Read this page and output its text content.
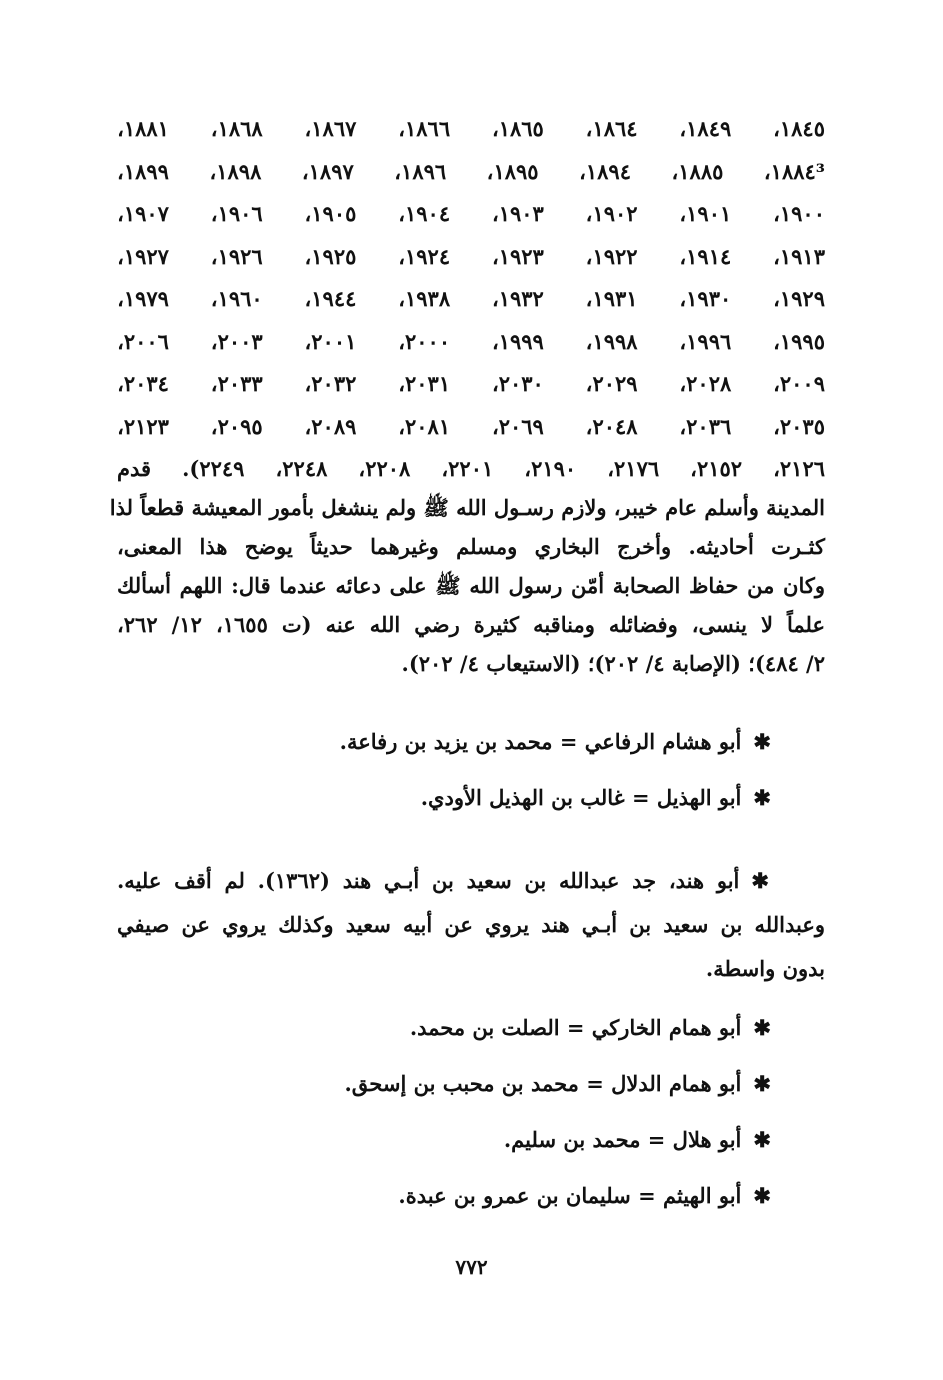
١٨٤٥،
١٨٤٩،
١٨٦٤،
١٨٦٥،
١٨٦٦،
١٨٦٧،
١٨٦٨،
١٨٨١،
١٨٨٤³،
١٨٨٥،
١٨٩٤،
١٨٩٥،
١٨٩٦،
١٨٩٧،
١٨٩٨،
١٨٩٩،
١٩٠٠،
١٩٠١،
١٩٠٢،
١٩٠٣،
١٩٠٤،
١٩٠٥،
١٩٠٦،
١٩٠٧،
١٩١٣،
١٩١٤،
١٩٢٢،
١٩٢٣،
١٩٢٤،
١٩٢٥،
١٩٢٦،
١٩٢٧،
١٩٢٩،
١٩٣٠،
١٩٣١،
١٩٣٢،
١٩٣٨،
١٩٤٤،
١٩٦٠،
١٩٧٩،
١٩٩٥،
١٩٩٦،
١٩٩٨،
١٩٩٩،
٢٠٠٠،
٢٠٠١،
٢٠٠٣،
٢٠٠٦،
٢٠٠٩،
٢٠٢٨،
٢٠٢٩،
٢٠٣٠،
٢٠٣١،
٢٠٣٢،
٢٠٣٣،
٢٠٣٤،
٢٠٣٥،
٢٠٣٦،
٢٠٤٨،
٢٠٦٩،
٢٠٨١،
٢٠٨٩،
٢٠٩٥،
٢١٢٣،
٢١٢٦، ٢١٥٢، ٢١٧٦، ٢١٩٠، ٢٢٠١، ٢٢٠٨، ٢٢٤٨، ٢٢٤٩). قدم
المدينة وأسلم عام خيبر، ولازم رسـول الله ﷺ ولم ينشغل بأمور المعيشة قطعاً لذا
كثـرت أحاديثه. وأخرج البخاري ومسلم وغيرهما حديثاً يوضح هذا المعنى،
وكان من حفاظ الصحابة أمّن رسول الله ﷺ على دعائه عندما قال: اللهم أسألك
علماً لا ينسى، وفضائله ومناقبه كثيرة رضي الله عنه (ت ١٦٥٥، ١٢/ ٢٦٢،
٢/ ٤٨٤)؛ (الإصابة ٤/ ٢٠٢)؛ (الاستيعاب ٤/ ٢٠٢).
✱أبو هشام الرفاعي = محمد بن يزيد بن رفاعة.
✱أبو الهذيل = غالب بن الهذيل الأودي.
✱أبو هند، جد عبدالله بن سعيد بن أبـي هند (١٣٦٢). لم أقف عليه.
وعبدالله بن سعيد بن أبـي هند يروي عن أبيه سعيد وكذلك يروي عن صيفي
بدون واسطة.
✱أبو همام الخاركي = الصلت بن محمد.
✱أبو همام الدلال = محمد بن محبب بن إسحق.
✱أبو هلال = محمد بن سليم.
✱أبو الهيثم = سليمان بن عمرو بن عبدة.
٧٧٢
